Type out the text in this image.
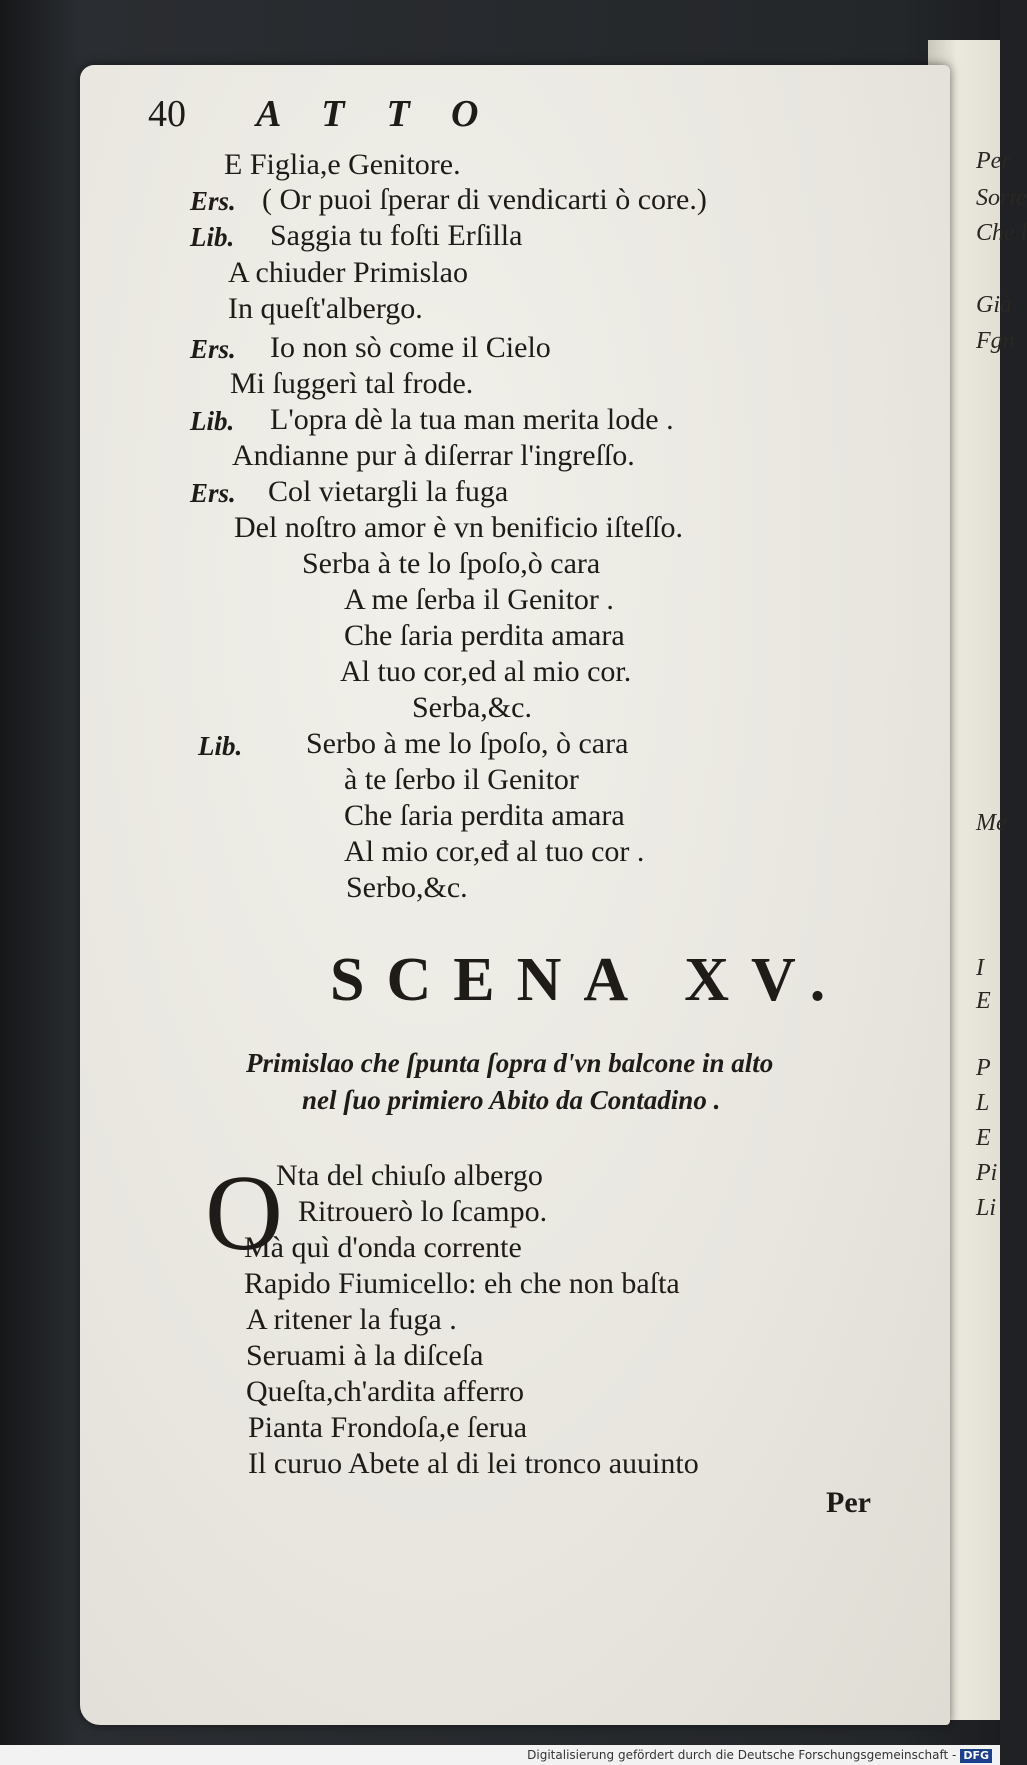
Per
Sorte
Che l
Già
Fgn
Me
I
E
P
L
E
Pi
Li
40 ATTO
E Figlia,e Genitore.
Ers. ( Or puoi ſperar di vendicarti ò core.)
Lib. Saggia tu foſti Erſilla
A chiuder Primislao
In queſt'albergo.
Ers. Io non sò come il Cielo
Mi ſuggerì tal frode.
Lib. L'opra dè la tua man merita lode .
Andianne pur à diſerrar l'ingreſſo.
Ers. Col vietargli la fuga
Del noſtro amor è vn benificio iſteſſo.
Serba à te lo ſpoſo,ò cara
A me ſerba il Genitor .
Che ſaria perdita amara
Al tuo cor,ed al mio cor.
Serba,&c.
Lib. Serbo à me lo ſpoſo, ò cara
à te ſerbo il Genitor
Che ſaria perdita amara
Al mio cor,eđ al tuo cor .
Serbo,&c.
SCENA XV.
Primislao che ſpunta ſopra d'vn balcone in alto
nel ſuo primiero Abito da Contadino .
O
Nta del chiuſo albergo
Ritrouerò lo ſcampo.
Mà quì d'onda corrente
Rapido Fiumicello: eh che non baſta
A ritener la fuga .
Seruami à la diſceſa
Queſta,ch'ardita afferro
Pianta Frondoſa,e ſerua
Il curuo Abete al di lei tronco auuinto
Per
Digitalisierung gefördert durch die Deutsche Forschungsgemeinschaft - DFG
